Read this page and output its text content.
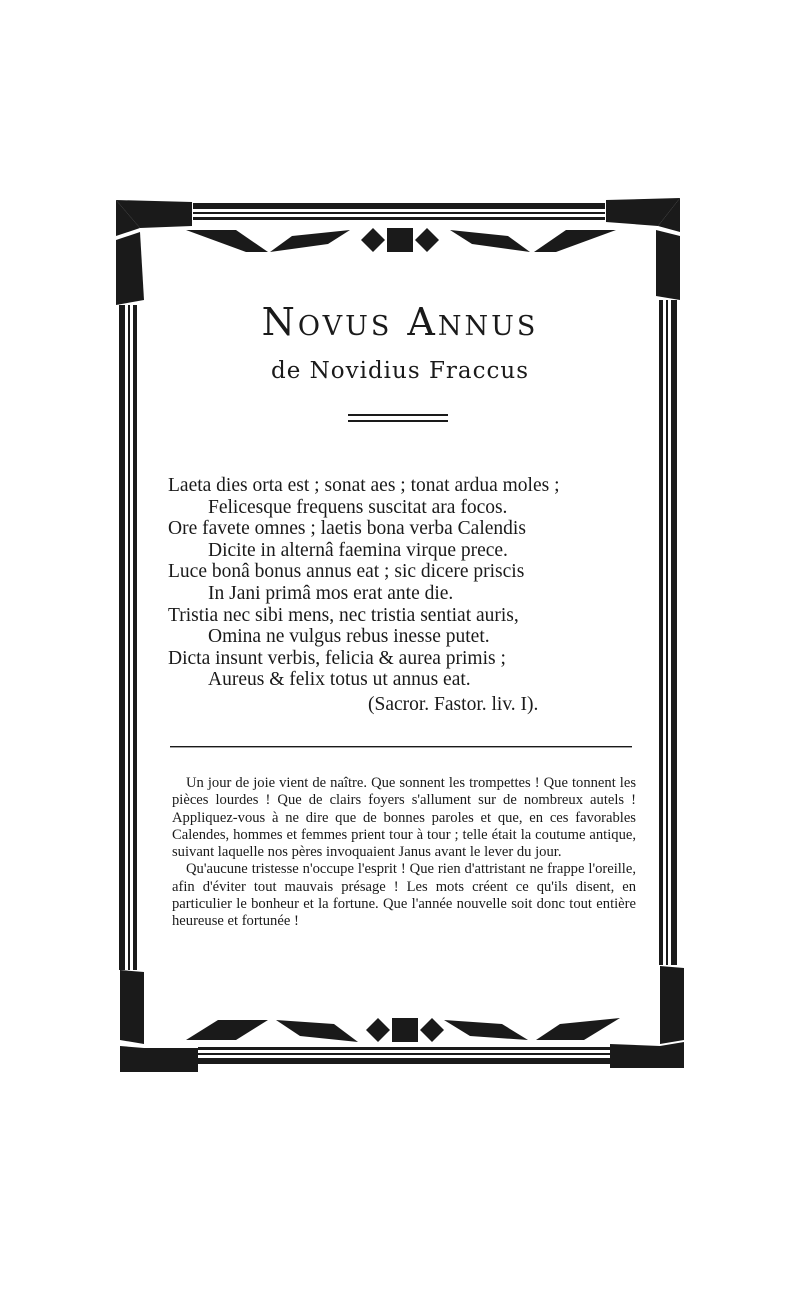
Novus Annus
de Novidius Fraccus
Laeta dies orta est ; sonat aes ; tonat ardua moles ;
Felicesque frequens suscitat ara focos.
Ore favete omnes ; laetis bona verba Calendis
Dicite in alternâ faemina virque prece.
Luce bonâ bonus annus eat ; sic dicere priscis
In Jani primâ mos erat ante die.
Tristia nec sibi mens, nec tristia sentiat auris,
Omina ne vulgus rebus inesse putet.
Dicta insunt verbis, felicia & aurea primis ;
Aureus & felix totus ut annus eat.
(Sacror. Fastor. liv. I).

Un jour de joie vient de naître. Que sonnent les trompettes ! Que tonnent les pièces lourdes ! Que de clairs foyers s'allument sur de nombreux autels ! Appliquez-vous à ne dire que de bonnes paroles et que, en ces favorables Calendes, hommes et femmes prient tour à tour ; telle était la coutume antique, suivant laquelle nos pères invoquaient Janus avant le lever du jour.

Qu'aucune tristesse n'occupe l'esprit ! Que rien d'attristant ne frappe l'oreille, afin d'éviter tout mauvais présage ! Les mots créent ce qu'ils disent, en particulier le bonheur et la fortune. Que l'année nouvelle soit donc tout entière heureuse et fortunée !
